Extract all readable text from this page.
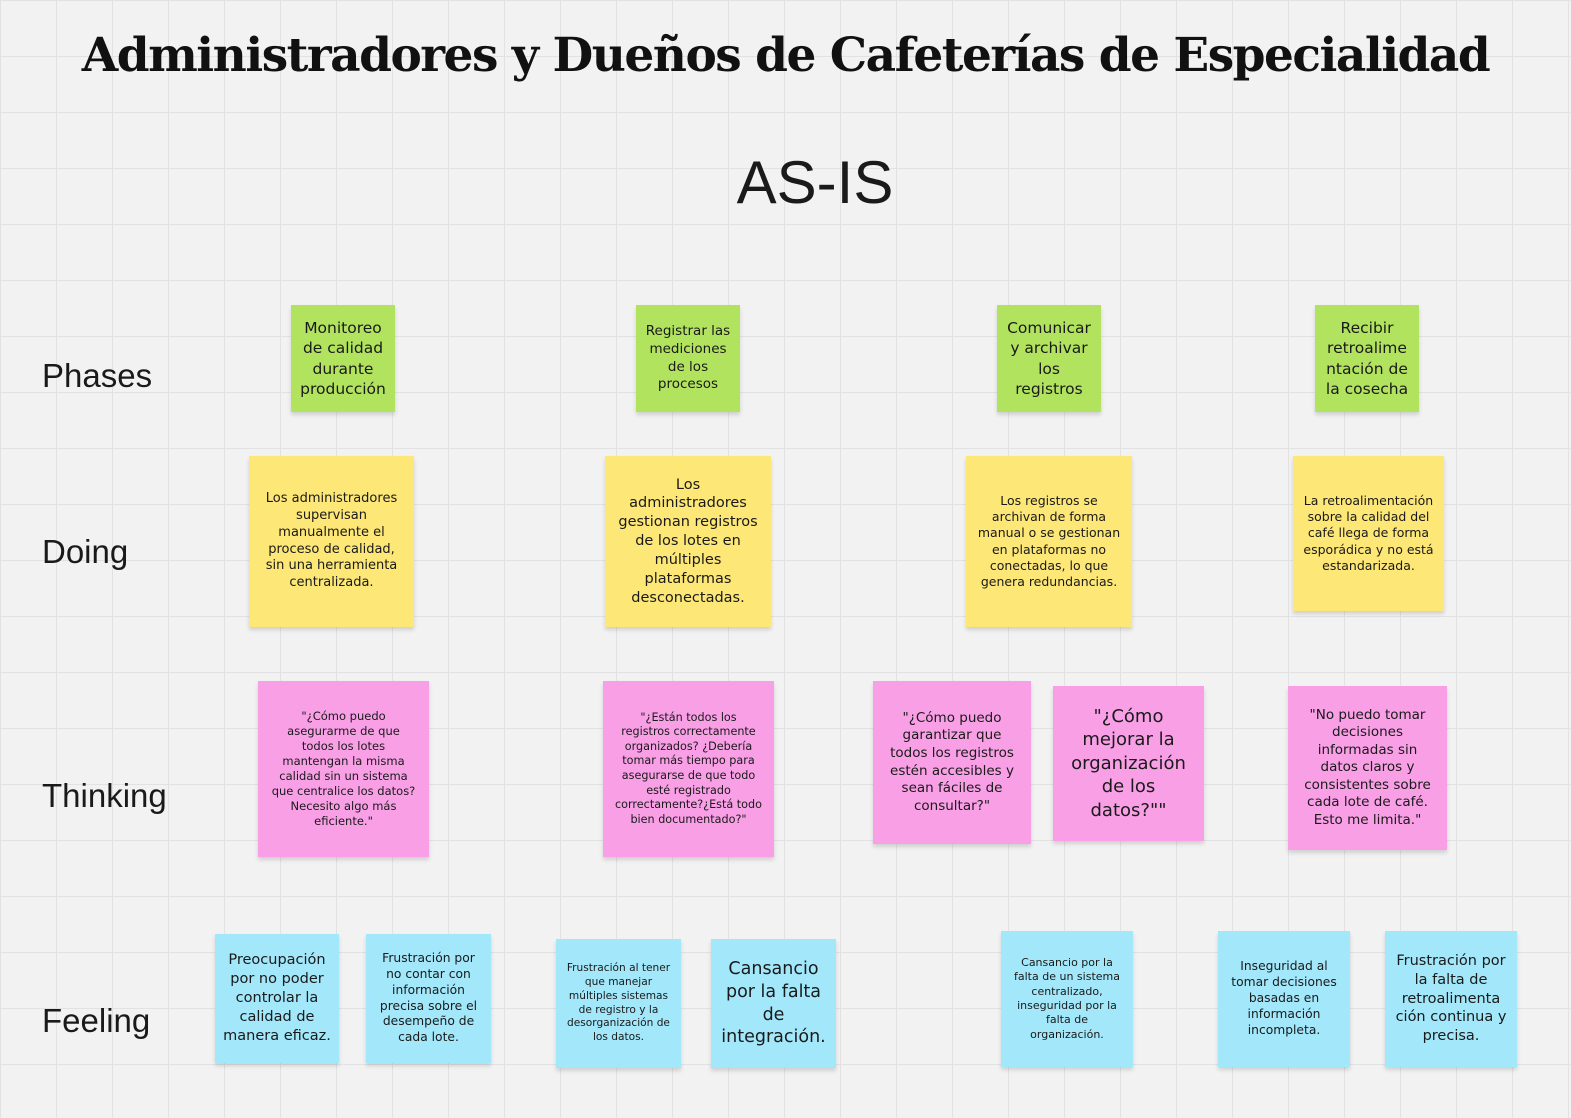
Administradores y Dueños de Cafeterías de Especialidad
AS-IS
Phases
Doing
Thinking
Feeling
Monitoreo de calidad durante producción
Registrar las mediciones de los procesos
Comunicar y archivar los registros
Recibir retroalime ntación de la cosecha
Los administradores supervisan manualmente el proceso de calidad, sin una herramienta centralizada.
Los administradores gestionan registros de los lotes en múltiples plataformas desconectadas.
Los registros se archivan de forma manual o se gestionan en plataformas no conectadas, lo que genera redundancias.
La retroalimentación sobre la calidad del café llega de forma esporádica y no está estandarizada.
"¿Cómo puedo asegurarme de que todos los lotes mantengan la misma calidad sin un sistema que centralice los datos? Necesito algo más eficiente."
"¿Están todos los registros correctamente organizados? ¿Debería tomar más tiempo para asegurarse de que todo esté registrado correctamente?¿Está todo bien documentado?"
"¿Cómo puedo garantizar que todos los registros estén accesibles y sean fáciles de consultar?"
"¿Cómo mejorar la organización de los datos?""
"No puedo tomar decisiones informadas sin datos claros y consistentes sobre cada lote de café. Esto me limita."
Preocupación por no poder controlar la calidad de manera eficaz.
Frustración por no contar con información precisa sobre el desempeño de cada lote.
Frustración al tener que manejar múltiples sistemas de registro y la desorganización de los datos.
Cansancio por la falta de integración.
Cansancio por la falta de un sistema centralizado, inseguridad por la falta de organización.
Inseguridad al tomar decisiones basadas en información incompleta.
Frustración por la falta de retroalimenta ción continua y precisa.
